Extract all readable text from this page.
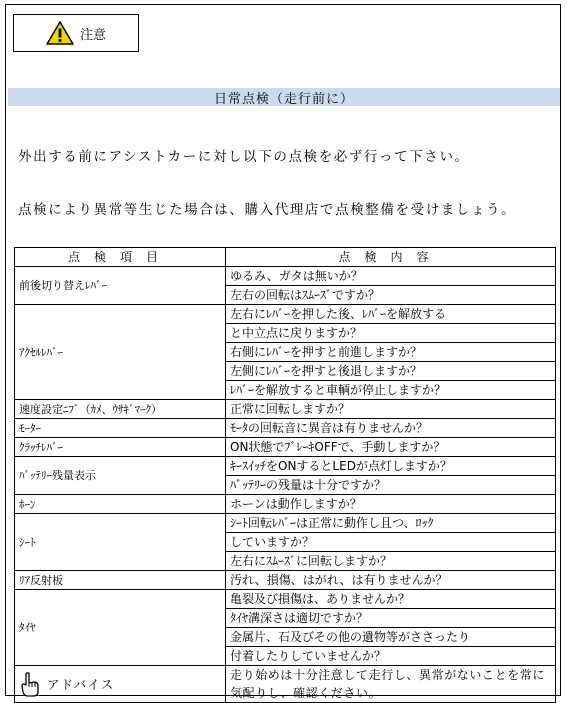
注意
日常点検（走行前に）
外出する前にアシストカーに対し以下の点検を必ず行って下さい。
点検により異常等生じた場合は、購入代理店で点検整備を受けましょう。
点検項目	点検内容
前後切り替えﾚﾊﾞｰ	ゆるみ、ガタは無いか？
	左右の回転はｽﾑｰｽﾞですか？
ｱｸｾﾙﾚﾊﾞｰ	左右にﾚﾊﾞｰを押した後、ﾚﾊﾞｰを解放する
	と中立点に戻りますか？
	右側にﾚﾊﾞｰを押すと前進しますか？
	左側にﾚﾊﾞｰを押すと後退しますか？
	ﾚﾊﾞｰを解放すると車輌が停止しますか？
速度設定ﾆﾌﾞ（ｶﾒ、ｳｻｷﾞﾏｰｸ）	正常に回転しますか？
ﾓｰﾀｰ	ﾓｰﾀの回転音に異音は有りませんか？
ｸﾗｯﾁﾚﾊﾞｰ	ON状態でﾌﾞﾚｰｷOFFで、手動しますか？
ﾊﾞｯﾃﾘｰ残量表示	ｷｰｽｲｯﾁをONするとLEDが点灯しますか？
	ﾊﾞｯﾃﾘｰの残量は十分ですか？
ﾎｰﾝ	ホーンは動作しますか？
ｼｰﾄ	ｼｰﾄ回転ﾚﾊﾞｰは正常に動作し且つ、ﾛｯｸ
	していますか？
	左右にｽﾑｰｽﾞに回転しますか？
ﾘｱ反射板	汚れ、損傷、はがれ、は有りませんか？
ﾀｲﾔ	亀裂及び損傷は、ありませんか？
	ﾀｲﾔ溝深さは適切ですか？
	金属片、石及びその他の遺物等がささったり
	付着したりしていませんか？

アドバイス	走り始めは十分注意して走行し、異常がないことを常に気配りし、確認ください。
